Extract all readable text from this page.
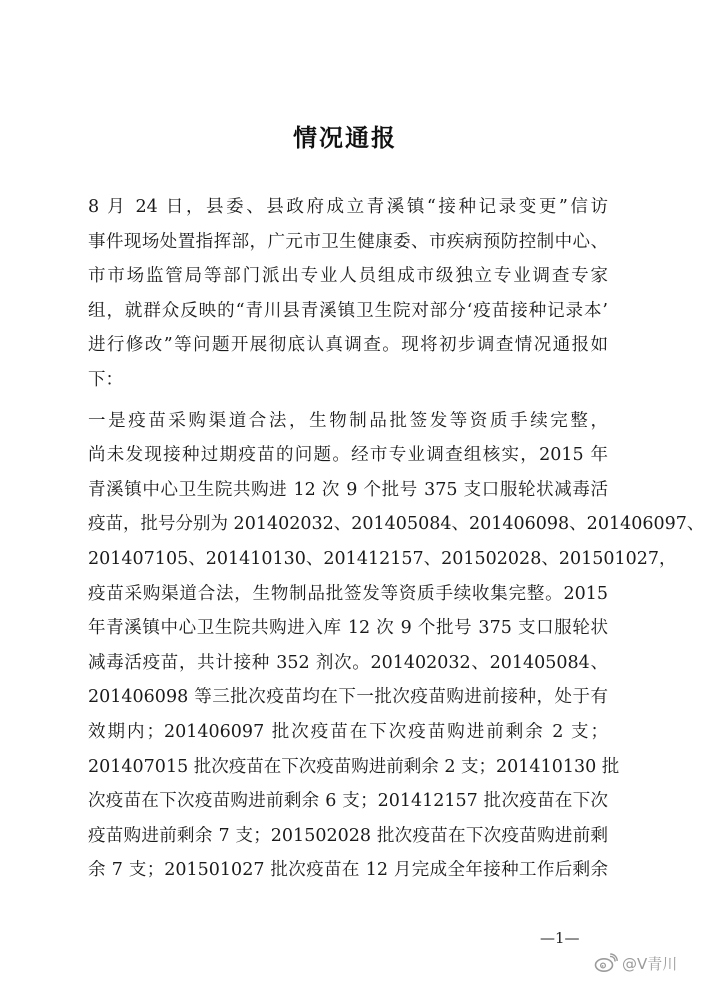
情况通报
8 月 24 日，县委、县政府成立青溪镇“接种记录变更”信访
事件现场处置指挥部，广元市卫生健康委、市疾病预防控制中心、
市市场监管局等部门派出专业人员组成市级独立专业调查专家
组，就群众反映的“青川县青溪镇卫生院对部分‘疫苗接种记录本’
进行修改”等问题开展彻底认真调查。现将初步调查情况通报如
下：
一是疫苗采购渠道合法，生物制品批签发等资质手续完整，
尚未发现接种过期疫苗的问题。经市专业调查组核实，2015 年
青溪镇中心卫生院共购进 12 次 9 个批号 375 支口服轮状减毒活
疫苗，批号分别为 201402032、201405084、201406098、201406097、
201407105、201410130、201412157、201502028、201501027，
疫苗采购渠道合法，生物制品批签发等资质手续收集完整。2015
年青溪镇中心卫生院共购进入库 12 次 9 个批号 375 支口服轮状
减毒活疫苗，共计接种 352 剂次。201402032、201405084、
201406098 等三批次疫苗均在下一批次疫苗购进前接种，处于有
效期内；201406097 批次疫苗在下次疫苗购进前剩余 2 支；
201407015 批次疫苗在下次疫苗购进前剩余 2 支；201410130 批
次疫苗在下次疫苗购进前剩余 6 支；201412157 批次疫苗在下次
疫苗购进前剩余 7 支；201502028 批次疫苗在下次疫苗购进前剩
余 7 支；201501027 批次疫苗在 12 月完成全年接种工作后剩余
—1—
@V青川
